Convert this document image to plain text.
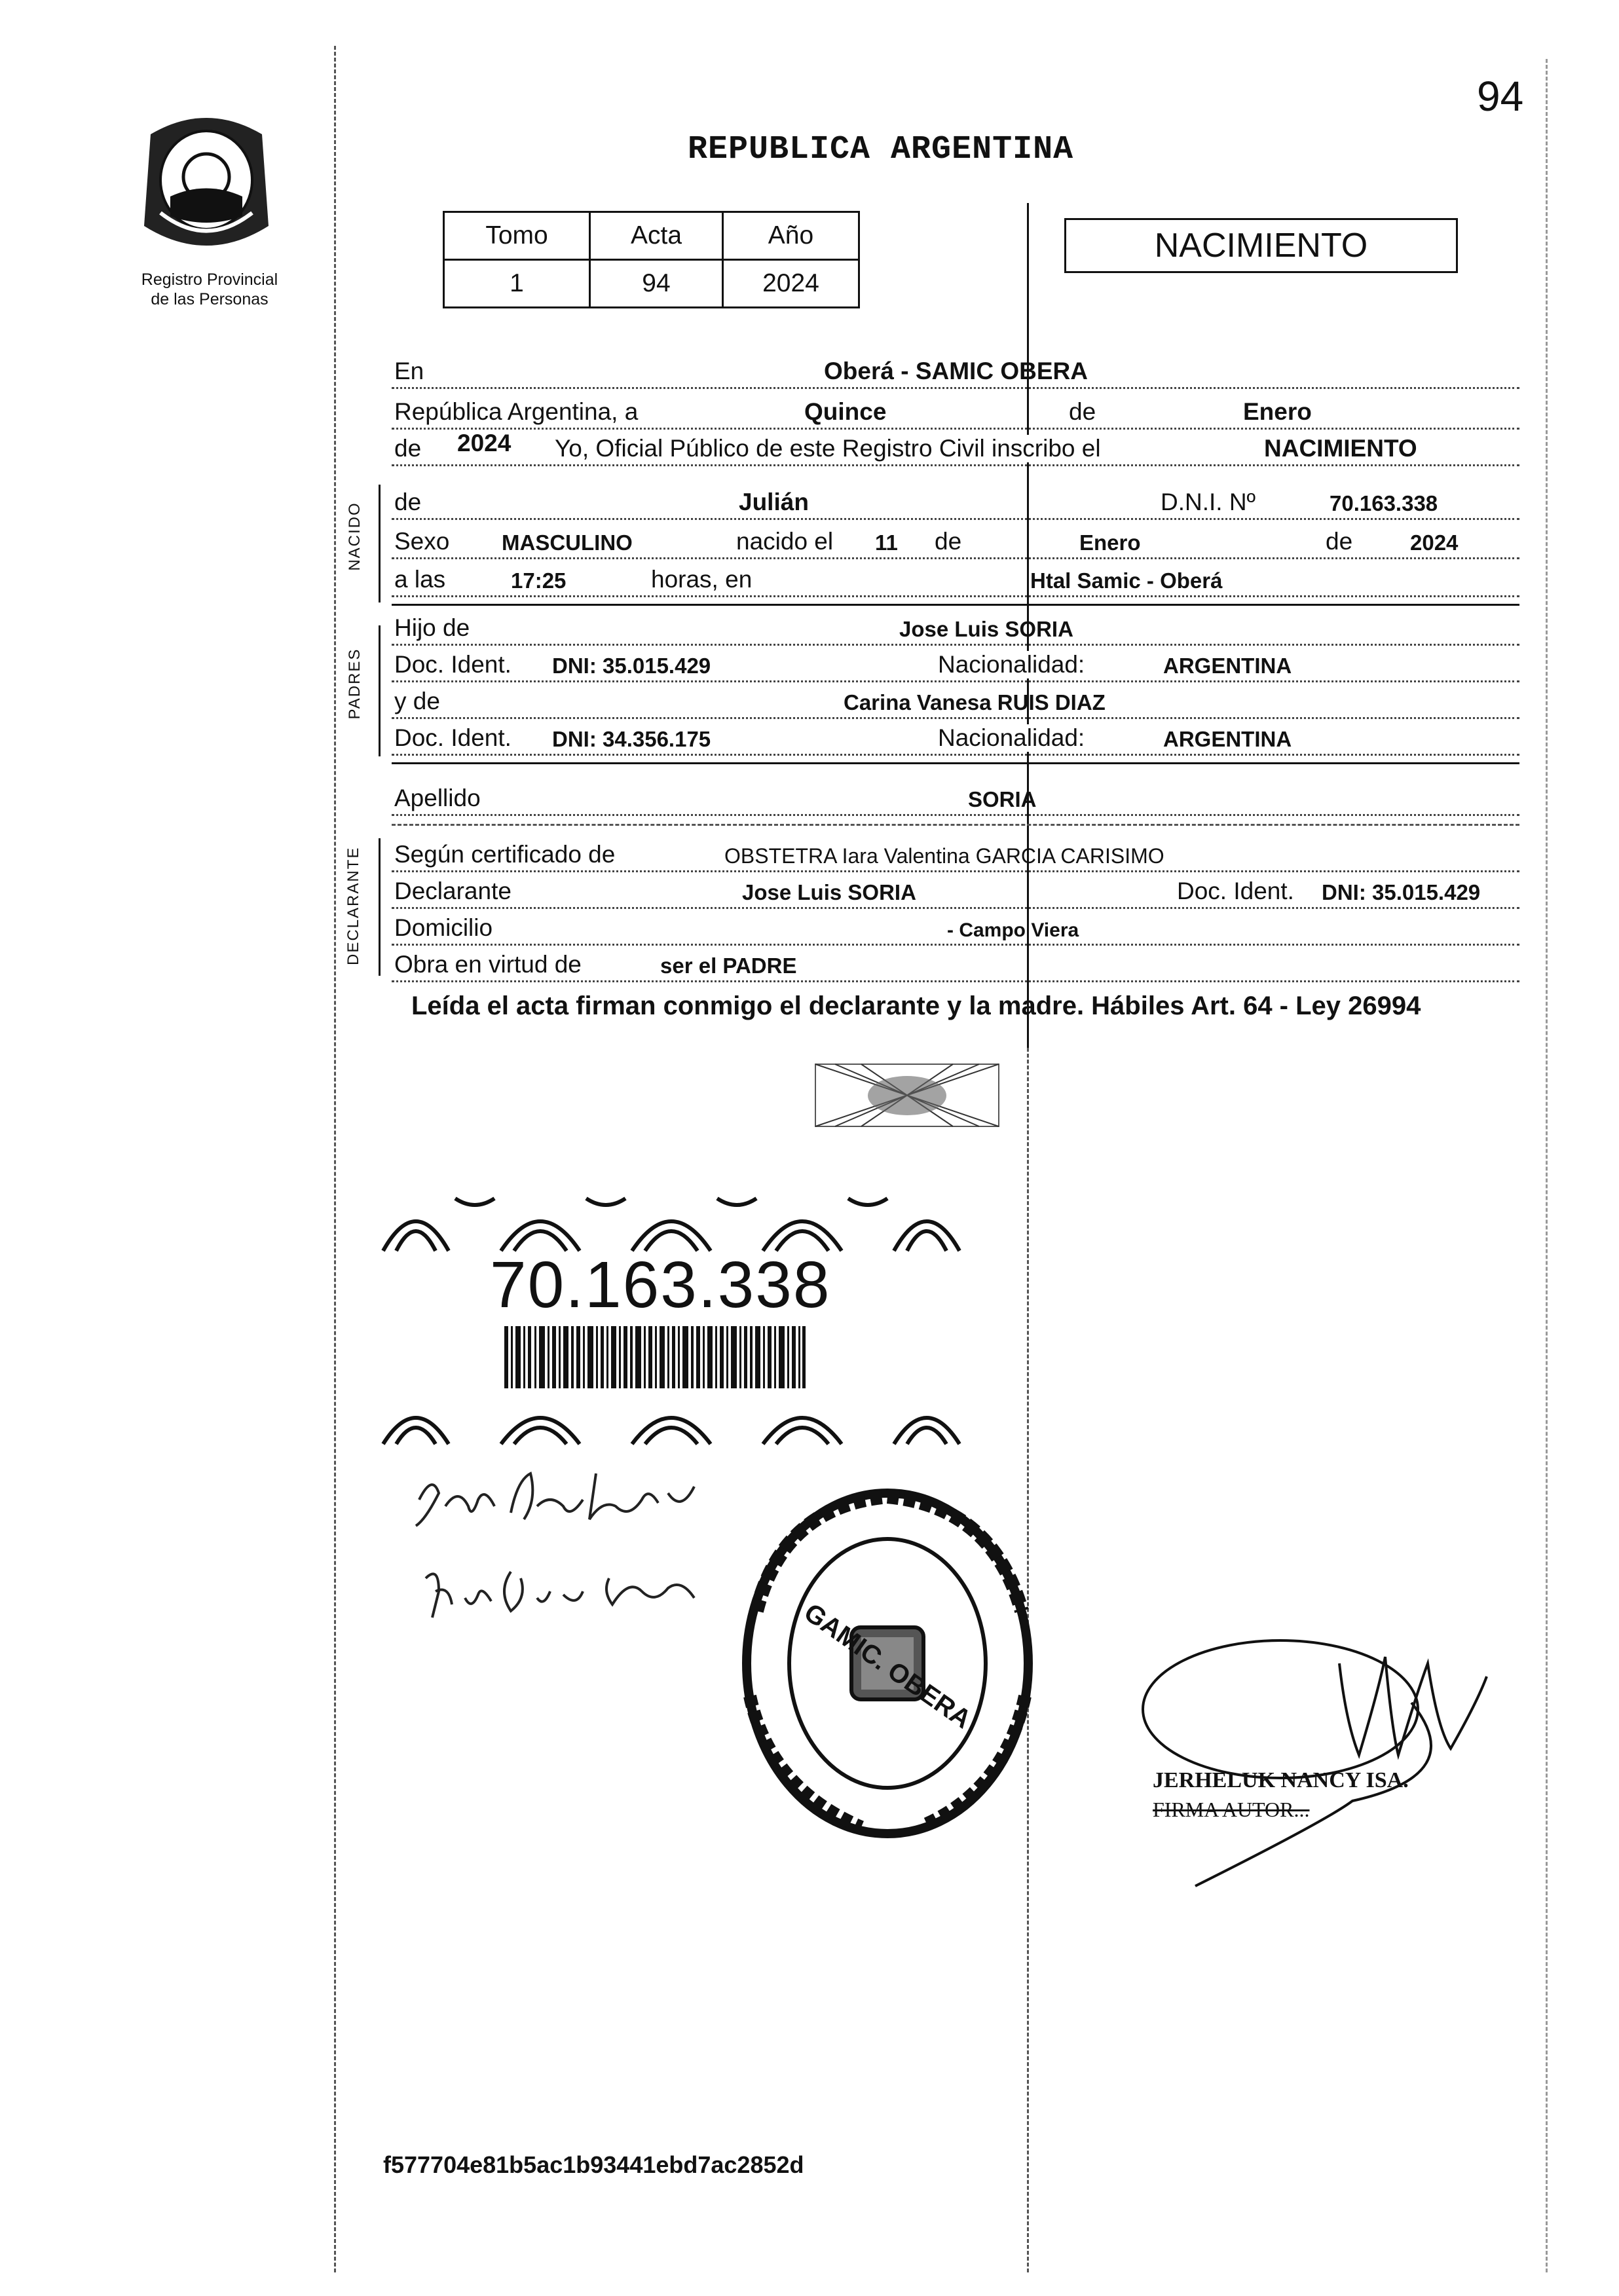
94
Registro Provincial
de las Personas
REPUBLICA ARGENTINA
Tomo	Acta	Año
1	94	2024
NACIMIENTO
NACIDO
PADRES
DECLARANTE
En	Oberá - SAMIC OBERA
República Argentina, a	Quince	de	Enero
de 2024 Yo, Oficial Público de este Registro Civil inscribo el	NACIMIENTO
de	Julián	D.N.I. Nº	70.163.338
Sexo MASCULINO	nacido el 11 de	Enero	de	2024
a las	17:25	horas, en	Htal Samic - Oberá
Hijo de	Jose Luis SORIA
Doc. Ident. DNI: 35.015.429	Nacionalidad:	ARGENTINA
y de	Carina Vanesa RUIS DIAZ
Doc. Ident. DNI: 34.356.175	Nacionalidad:	ARGENTINA
Apellido	SORIA
Según certificado de	OBSTETRA Iara Valentina GARCIA CARISIMO
Declarante	Jose Luis SORIA	Doc. Ident. DNI: 35.015.429
Domicilio	- Campo Viera
Obra en virtud de	ser el PADRE
Leída el acta firman conmigo el declarante y la madre. Hábiles Art. 64 - Ley 26994
70.163.338
GAMIC. OBERA
JERHELUK NANCY ISA.
FIRMA AUTOR...
f577704e81b5ac1b93441ebd7ac2852d
